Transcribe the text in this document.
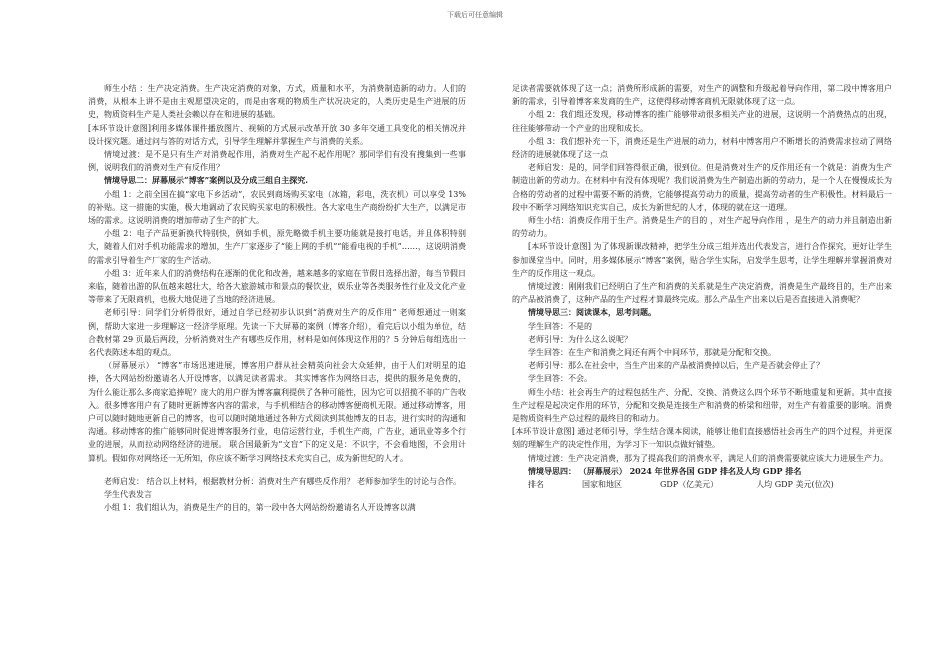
下载后可任意编辑

师生小结 ：生产决定消费。生产决定消费的对象，方式，质量和水平，为消费制造新的动力。人们的消费，从根本上讲不是由主观愿望决定的，而是由客观的物质生产状况决定的，人类历史是生产进展的历史，物质资料生产是人类社会赖以存在和进展的基础。

[本环节设计意图]利用多媒体课件播放图片、视频的方式展示改革开放 30 多年交通工具变化的相关情况并设计探究题。通过问与答的对话方式，引导学生理解并掌握生产与消费的关系。

情境过渡：是不是只有生产对消费起作用，消费对生产起不起作用呢？那同学们有没有搜集到一些事例，说明我们的消费对生产有反作用？

情境导思二：屏幕展示“博客”案例以及分成三组自主探究.

小组 1：之前全国在搞“家电下乡活动”，农民到商场购买家电（冰箱，彩电，洗衣机）可以享受 13%的补贴。这一措施的实施，极大地调动了农民购买家电的积极性。各大家电生产商纷纷扩大生产，以满足市场的需求。这说明消费的增加带动了生产的扩大。

小组 2：电子产品更新换代特别快，例如手机，原先略微手机主要功能就是接打电话，并且体积特别大，随着人们对手机功能需求的增加，生产厂家逐步了“能上网的手机”“能看电视的手机”……，这说明消费的需求引导着生产厂家的生产活动。

小组 3：近年来人们的消费结构在逐渐的优化和改善，越来越多的家庭在节假日选择出游，每当节假日来临，随着出游的队伍越来越壮大，给各大旅游城市和景点的餐饮业，娱乐业等各类服务性行业及文化产业等带来了无限商机，也极大地促进了当地的经济进展。

老师引导：同学们分析得很好，通过自学已经初步认识到“消费对生产的反作用” 老师想通过一则案例，帮助大家进一步理解这一经济学原理。先读一下大屏幕的案例（博客介绍），看完后以小组为单位，结合教材第 29 页最后两段，分析消费对生产有哪些反作用，材料是如何体现这作用的？5 分钟后每组选出一名代表陈述本组的观点。

（屏幕展示） “博客”市场迅速进展，博客用户群从社会精英向社会大众延伸，由于人们对明星的追捧，各大网站纷纷邀请名人开设博客，以满足读者需求。 其实博客作为网络日志，提供的服务是免费的，为什么能让那么多商家追捧呢？庞大的用户群为博客赢利提供了各种可能性，因为它可以招揽不菲的广告收入。很多博客用户有了随时更新博客内容的需求，与手机相结合的移动博客便商机无限。通过移动博客，用户可以随时随地更新自己的博客，也可以随时随地通过各种方式阅读到其他博友的日志，进行实时的沟通和沟通。移动博客的推广能够同时促进博客服务行业，电信运营行业，手机生产商，广告业，通讯业等多个行业的进展，从而拉动网络经济的进展。 联合国最新为“文盲”下的定义是：不识字，不会看地图，不会用计算机。假如你对网络还一无所知，你应该不断学习网络技术充实自己，成为新世纪的人才。

老师启发： 结合以上材料，根据教材分析：消费对生产有哪些反作用？ 老师参加学生的讨论与合作。

学生代表发言

小组 1：我们组认为，消费是生产的目的，第一段中各大网站纷纷邀请名人开设博客以满

足读者需要就体现了这一点；消费所形成新的需要，对生产的调整和升级起着导向作用，第二段中博客用户新的需求，引导着博客来发商的生产，这使得移动博客商机无限就体现了这一点。

小组 2：我们组还发现，移动博客的推广能够带动很多相关产业的进展，这说明一个消费热点的出现，往往能够带动一个产业的出现和成长。

小组 3：我们想补充一下，消费还是生产进展的动力，材料中博客用户不断增长的消费需求拉动了网络经济的进展就体现了这一点

老师启发：是的，同学们回答得很正确，很到位。但是消费对生产的反作用还有一个就是：消费为生产制造出新的劳动力。在材料中有没有体现呢？我们说消费为生产制造出新的劳动力，是一个人在慢慢成长为合格的劳动者的过程中需要不断的消费，它能够提高劳动力的质量，提高劳动者的生产积极性。材料最后一段中不断学习网络知识充实自己，成长为新世纪的人才，体现的就在这一道理。

师生小结：消费反作用于生产。消费是生产的目的 ，对生产起导向作用 ，是生产的动力并且制造出新的劳动力。

[本环节设计意图] 为了体现新课改精神，把学生分成三组并选出代表发言，进行合作探究，更好让学生参加课堂当中。同时，用多媒体展示“博客”案例，贴合学生实际，启发学生思考，让学生理解并掌握消费对生产的反作用这一观点。

情境过渡：刚刚我们已经明白了生产和消费的关系就是生产决定消费，消费是生产最终目的，生产出来的产品被消费了，这种产品的生产过程才算最终完成。那么产品生产出来以后是否直接进入消费呢？

情境导思三：阅读课本，思考问题。

学生回答：不是的

老师引导：为什么这么说呢？

学生回答：在生产和消费之间还有两个中间环节，那就是分配和交换。

老师引导：那么在社会中，当生产出来的产品被消费掉以后，生产是否就会停止了？

学生回答：不会。

师生小结：社会再生产的过程包括生产、分配、交换、消费这么四个环节不断地重复和更新。其中直接生产过程是起决定作用的环节，分配和交换是连接生产和消费的桥梁和纽带，对生产有着重要的影响。消费是物质资料生产总过程的最终目的和动力。

[本环节设计意图] 通过老师引导，学生结合课本阅读，能够让他们直接感悟社会再生产的四个过程，并更深刻的理解生产的决定性作用，为学习下一知识点做好铺垫。

情境过渡：生产决定消费，那为了提高我们的消费水平，满足人们的消费需要就应该大力进展生产力。

情境导思四： （屏幕展示） 2024 年世界各国 GDP 排名及人均 GDP 排名

排名	国家和地区	GDP（亿美元）	人均 GDP 美元(位次)
